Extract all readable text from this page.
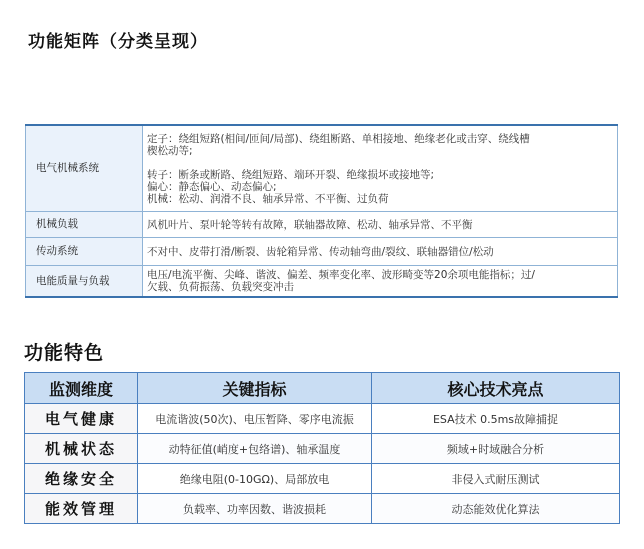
功能矩阵（分类呈现）
电气机械系统	定子：绕组短路(相间/匝间/局部)、绕组断路、单相接地、绝缘老化或击穿、绕线槽
楔松动等;
转子：断条或断路、绕组短路、端环开裂、绝缘损坏或接地等;
偏心：静态偏心、动态偏心;
机械：松动、润滑不良、轴承异常、不平衡、过负荷

机械负载	风机叶片、泵叶轮等转有故障，联轴器故障、松动、轴承异常、不平衡

传动系统	不对中、皮带打滑/断裂、齿轮箱异常、传动轴弯曲/裂纹、联轴器错位/松动

电能质量与负载	电压/电流平衡、尖峰、谐波、偏差、频率变化率、波形畸变等20余项电能指标；过/
欠载、负荷振荡、负载突变冲击
功能特色
监测维度	关键指标	核心技术亮点
电气健康	电流谐波(50次)、电压暂降、零序电流振	ESA技术 0.5ms故障捕捉
机械状态	动特征值(峭度+包络谱)、轴承温度	频域+时域融合分析
绝缘安全	绝缘电阻(0-10GΩ)、局部放电	非侵入式耐压测试
能效管理	负载率、功率因数、谐波损耗	动态能效优化算法
